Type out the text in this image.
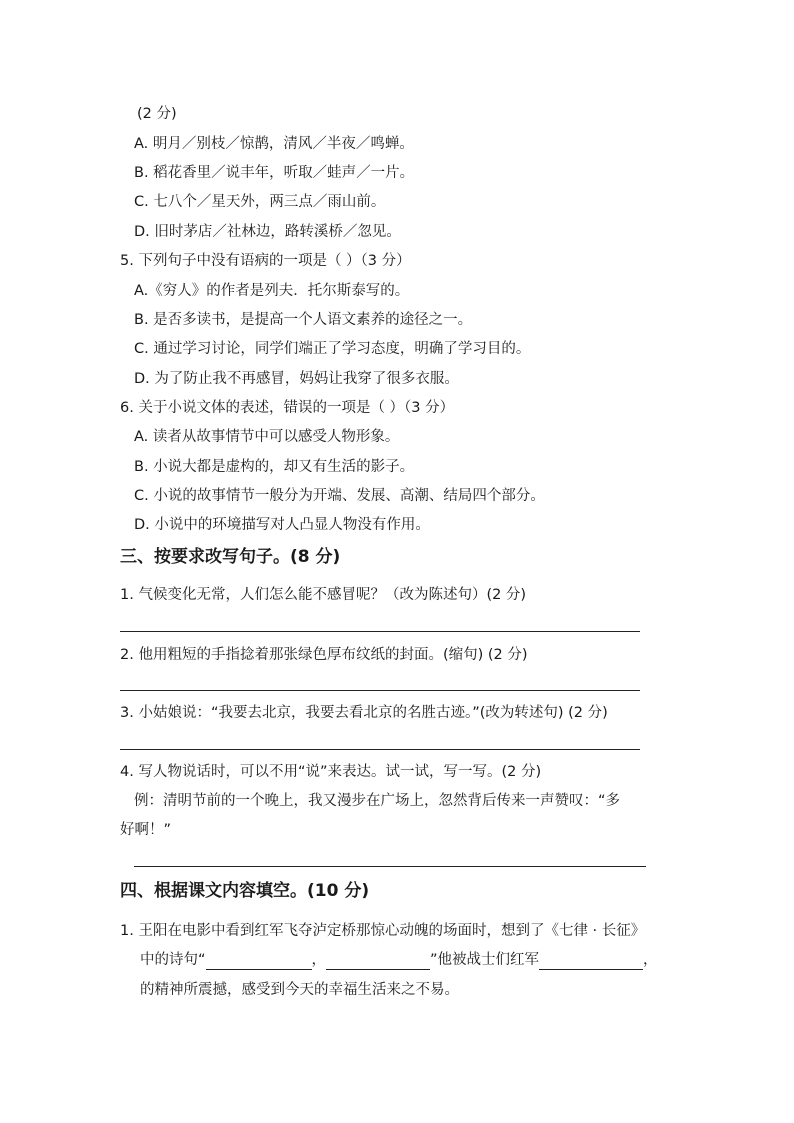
(2 分)
A. 明月／别枝／惊鹊，清风／半夜／鸣蝉。
B. 稻花香里／说丰年，听取／蛙声／一片。
C. 七八个／星天外，两三点／雨山前。
D. 旧时茅店／社林边，路转溪桥／忽见。
5. 下列句子中没有语病的一项是（ ）（3 分）
A.《穷人》的作者是列夫．托尔斯泰写的。
B. 是否多读书，是提高一个人语文素养的途径之一。
C. 通过学习讨论，同学们端正了学习态度，明确了学习目的。
D. 为了防止我不再感冒，妈妈让我穿了很多衣服。
6. 关于小说文体的表述，错误的一项是（ ）（3 分）
A. 读者从故事情节中可以感受人物形象。
B. 小说大都是虚构的，却又有生活的影子。
C. 小说的故事情节一般分为开端、发展、高潮、结局四个部分。
D. 小说中的环境描写对人凸显人物没有作用。
三、按要求改写句子。(8 分)
1. 气候变化无常，人们怎么能不感冒呢？（改为陈述句）(2 分)
2. 他用粗短的手指捻着那张绿色厚布纹纸的封面。(缩句) (2 分)
3. 小姑娘说：“我要去北京，我要去看北京的名胜古迹。”(改为转述句) (2 分)
4. 写人物说话时，可以不用“说”来表达。试一试，写一写。(2 分)
例：清明节前的一个晚上，我又漫步在广场上，忽然背后传来一声赞叹：“多
好啊！”
四、根据课文内容填空。(10 分)
1. 王阳在电影中看到红军飞夺泸定桥那惊心动魄的场面时，想到了《七律 · 长征》
中的诗句“	，	”他被战士们红军	，
的精神所震撼，感受到今天的幸福生活来之不易。
